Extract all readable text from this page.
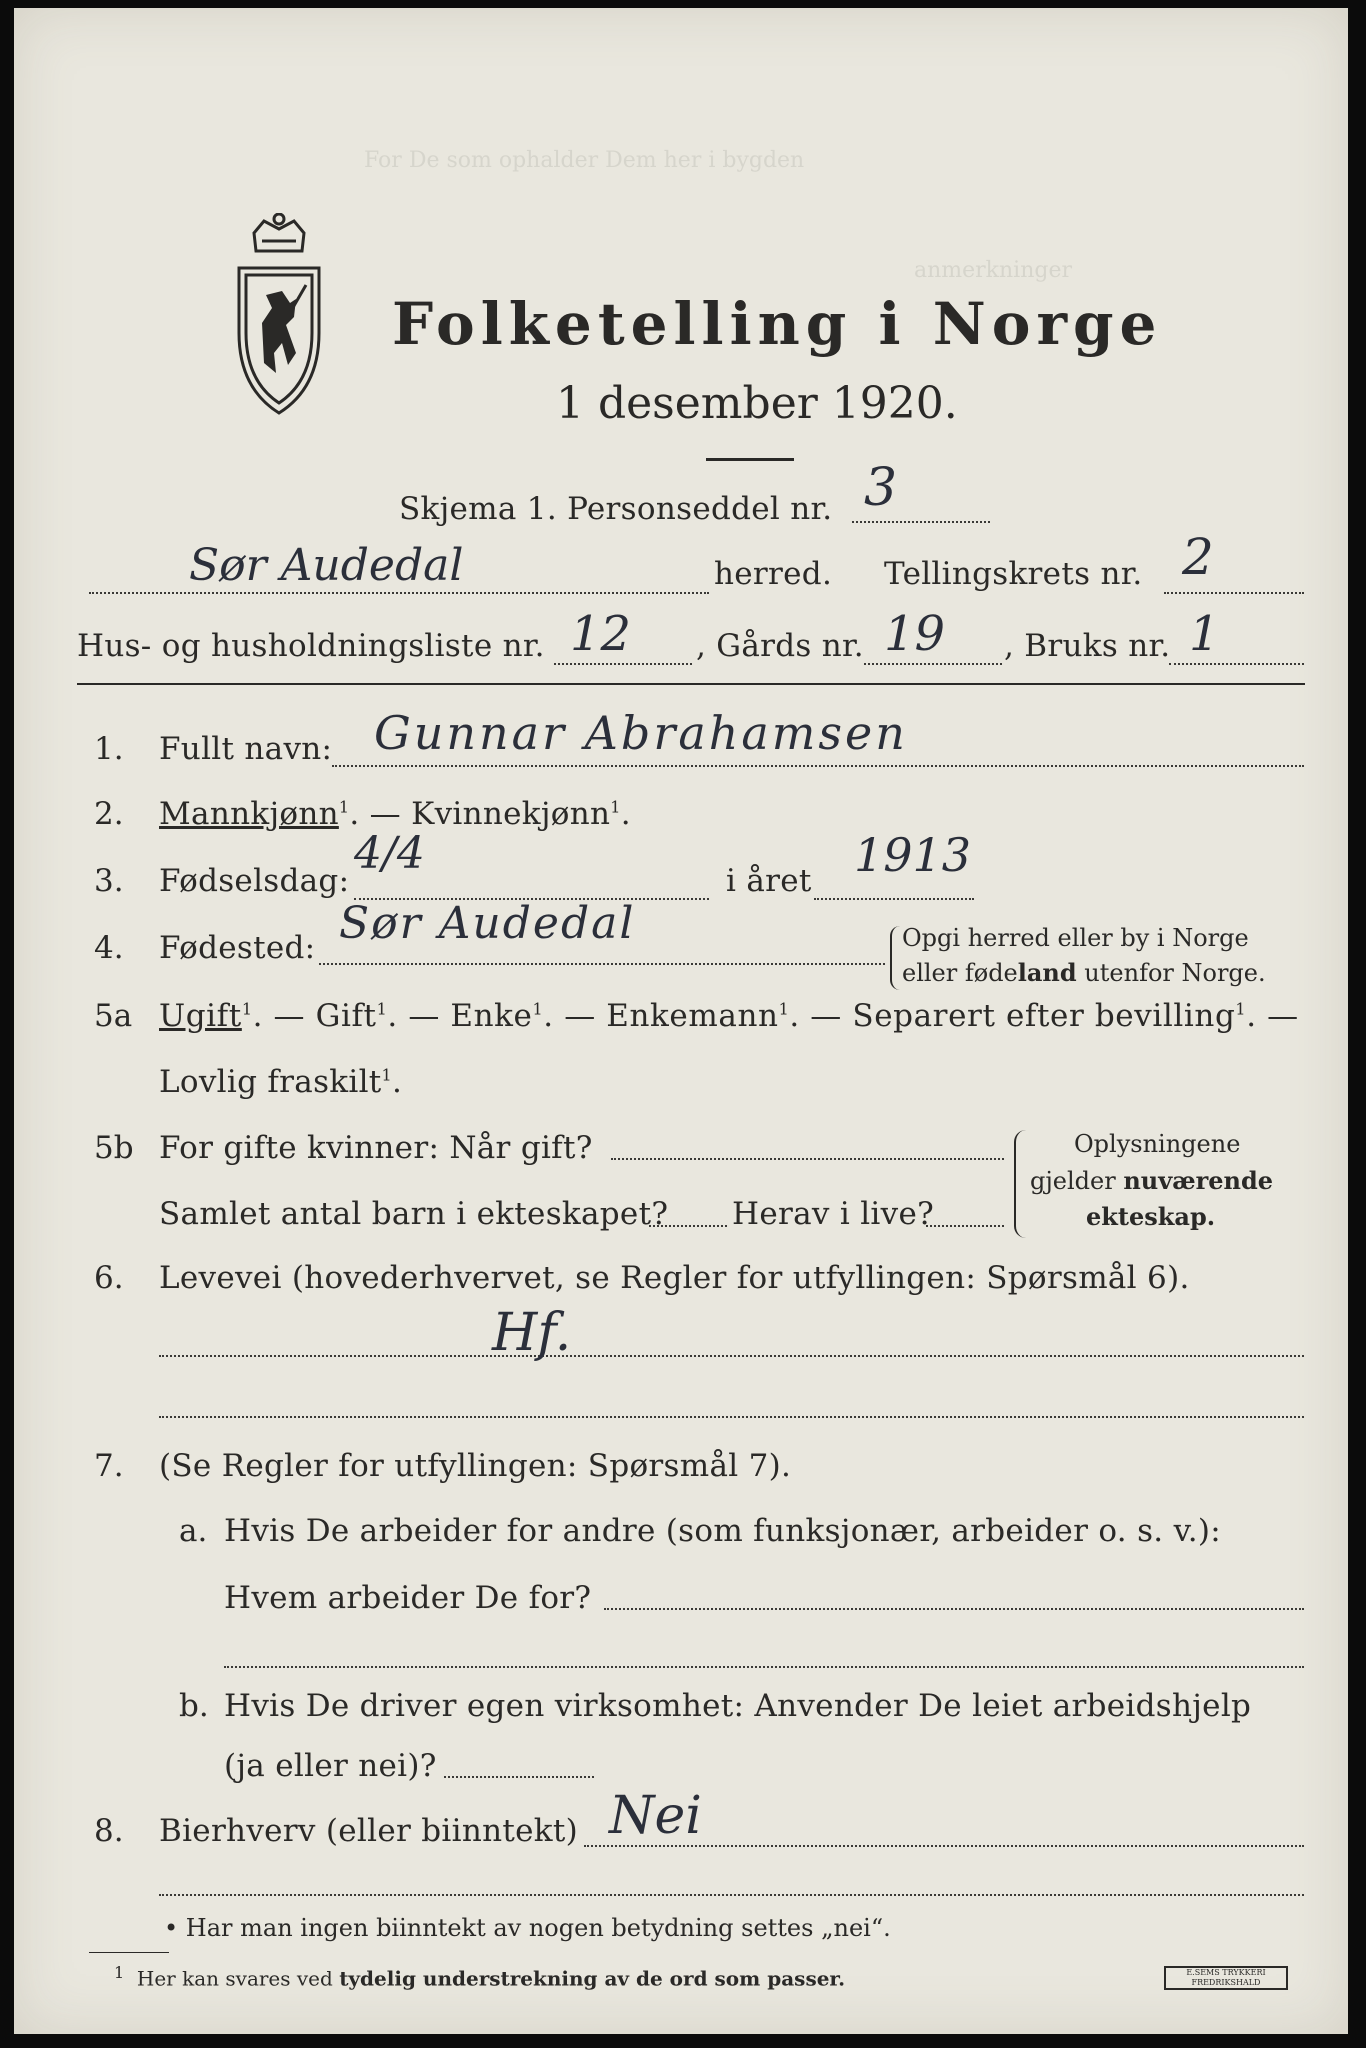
For De som ophalder Dem her i bygden
anmerkninger
Folketelling i Norge
1 desember 1920.
Skjema 1. Personseddel nr. 3
Sør Audedal	herred. Tellingskrets nr. 2
Hus- og husholdningsliste nr. 12 , Gårds nr. 19 , Bruks nr. 1
1. Fullt navn: Gunnar Abrahamsen
2. Mannkjønn$^1$. — Kvinnekjønn$^1$.
3. Fødselsdag:
4/4
i året 1913
4. Fødested: Sør Audedal	Opgi herred eller by i Norge
eller fødeland utenfor Norge.
5a Ugift$^1$. — Gift$^1$. — Enke$^1$. — Enkemann$^1$. — Separert efter bevilling$^1$. —
Lovlig fraskilt$^1$.
5b For gifte kvinner: Når gift?
Samlet antal barn i ekteskapet? Herav i live?
Oplysningene
gjelder nuværende
ekteskap.
6. Levevei (hovederhvervet, se Regler for utfyllingen: Spørsmål 6).
Hf.
7. (Se Regler for utfyllingen: Spørsmål 7).
a. Hvis De arbeider for andre (som funksjonær, arbeider o. s. v.):
Hvem arbeider De for?
b. Hvis De driver egen virksomhet: Anvender De leiet arbeidshjelp
(ja eller nei)?
8. Bierhverv (eller biinntekt) Nei
• Har man ingen biinntekt av nogen betydning settes „nei“.
$^1$ Her kan svares ved tydelig understrekning av de ord som passer.	E.SEMS TRYKKERI FREDRIKSHALD
